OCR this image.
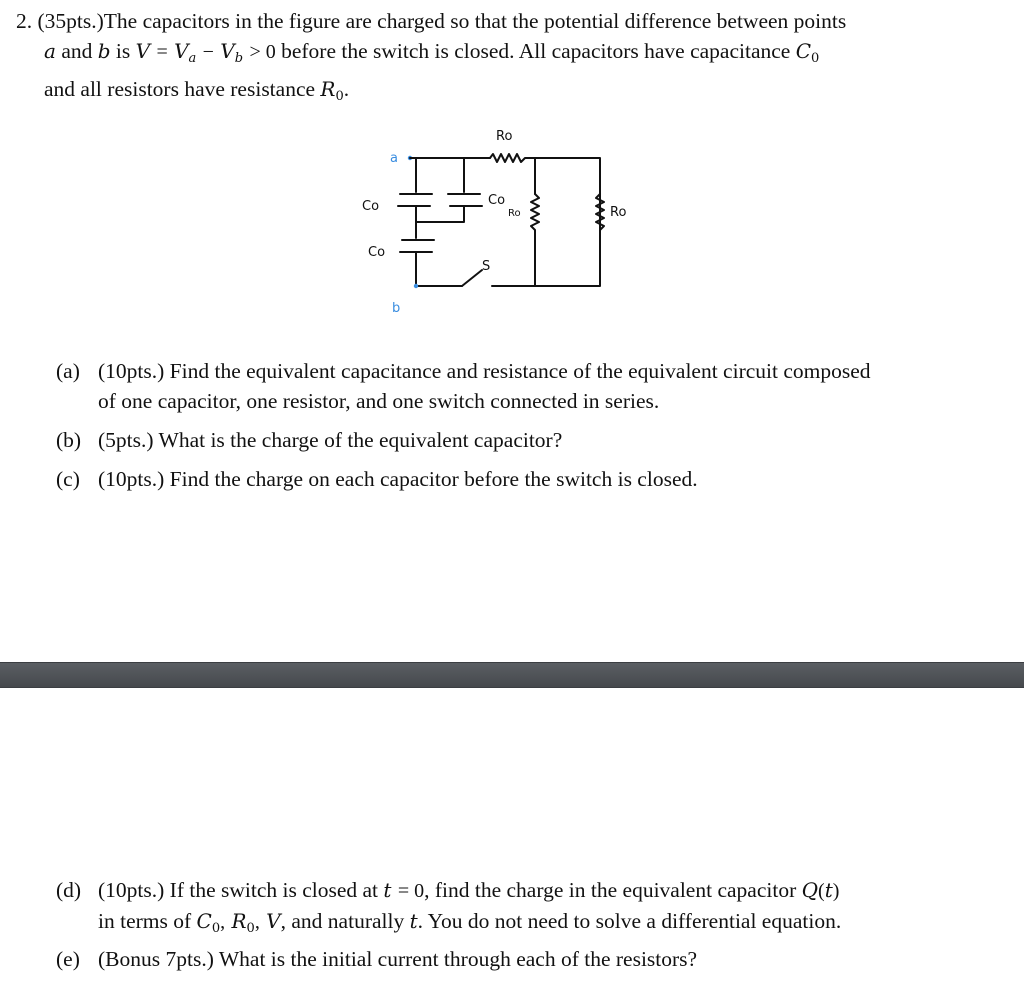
2. (35pts.)The capacitors in the figure are charged so that the potential difference between points
a and b is $V = V_a - V_b > 0$ before the switch is closed. All capacitors have capacitance $C_0$
and all resistors have resistance $R_0$.
a
b
Co
Co
Co
Ro
Ro	Ro
S
(a) (10pts.) Find the equivalent capacitance and resistance of the equivalent circuit composed
of one capacitor, one resistor, and one switch connected in series.
(b) (5pts.) What is the charge of the equivalent capacitor?
(c) (10pts.) Find the charge on each capacitor before the switch is closed.
(d) (10pts.) If the switch is closed at t = 0, find the charge in the equivalent capacitor Q(t)
in terms of $C_0$, $R_0$, V, and naturally t. You do not need to solve a differential equation.
(e) (Bonus 7pts.) What is the initial current through each of the resistors?
